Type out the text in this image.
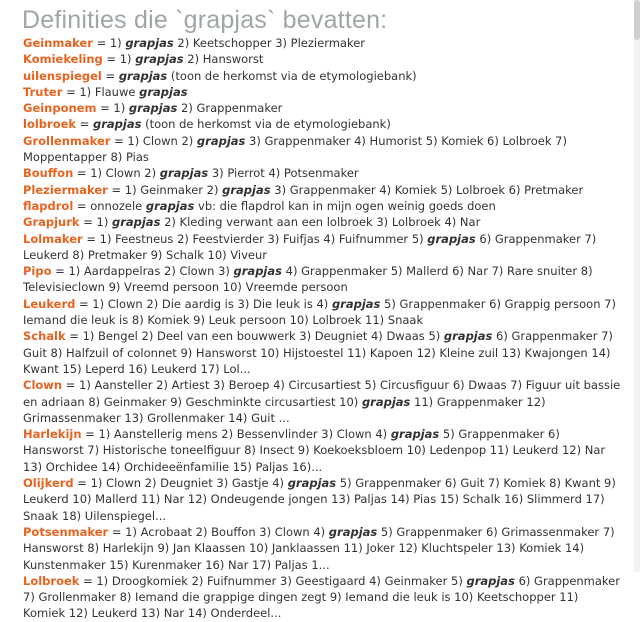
Definities die `grapjas` bevatten:

Geinmaker = 1) grapjas 2) Keetschopper 3) Pleziermaker

Komiekeling = 1) grapjas 2) Hansworst

uilenspiegel = grapjas (toon de herkomst via de etymologiebank)

Truter = 1) Flauwe grapjas

Geinponem = 1) grapjas 2) Grappenmaker

lolbroek = grapjas (toon de herkomst via de etymologiebank)

Grollenmaker = 1) Clown 2) grapjas 3) Grappenmaker 4) Humorist 5) Komiek 6) Lolbroek 7) Moppentapper 8) Pias

Bouffon = 1) Clown 2) grapjas 3) Pierrot 4) Potsenmaker

Pleziermaker = 1) Geinmaker 2) grapjas 3) Grappenmaker 4) Komiek 5) Lolbroek 6) Pretmaker

flapdrol = onnozele grapjas vb: die flapdrol kan in mijn ogen weinig goeds doen

Grapjurk = 1) grapjas 2) Kleding verwant aan een lolbroek 3) Lolbroek 4) Nar

Lolmaker = 1) Feestneus 2) Feestvierder 3) Fuifjas 4) Fuifnummer 5) grapjas 6) Grappenmaker 7) Leukerd 8) Pretmaker 9) Schalk 10) Viveur

Pipo = 1) Aardappelras 2) Clown 3) grapjas 4) Grappenmaker 5) Mallerd 6) Nar 7) Rare snuiter 8) Televisieclown 9) Vreemd persoon 10) Vreemde persoon

Leukerd = 1) Clown 2) Die aardig is 3) Die leuk is 4) grapjas 5) Grappenmaker 6) Grappig persoon 7) Iemand die leuk is 8) Komiek 9) Leuk persoon 10) Lolbroek 11) Snaak

Schalk = 1) Bengel 2) Deel van een bouwwerk 3) Deugniet 4) Dwaas 5) grapjas 6) Grappenmaker 7) Guit 8) Halfzuil of colonnet 9) Hansworst 10) Hijstoestel 11) Kapoen 12) Kleine zuil 13) Kwajongen 14) Kwant 15) Leperd 16) Leukerd 17) Lol...

Clown = 1) Aansteller 2) Artiest 3) Beroep 4) Circusartiest 5) Circusfiguur 6) Dwaas 7) Figuur uit bassie en adriaan 8) Geinmaker 9) Geschminkte circusartiest 10) grapjas 11) Grappenmaker 12) Grimassenmaker 13) Grollenmaker 14) Guit ...

Harlekijn = 1) Aanstellerig mens 2) Bessenvlinder 3) Clown 4) grapjas 5) Grappenmaker 6) Hansworst 7) Historische toneelfiguur 8) Insect 9) Koekoeksbloem 10) Ledenpop 11) Leukerd 12) Nar 13) Orchidee 14) Orchideeënfamilie 15) Paljas 16)...

Olijkerd = 1) Clown 2) Deugniet 3) Gastje 4) grapjas 5) Grappenmaker 6) Guit 7) Komiek 8) Kwant 9) Leukerd 10) Mallerd 11) Nar 12) Ondeugende jongen 13) Paljas 14) Pias 15) Schalk 16) Slimmerd 17) Snaak 18) Uilenspiegel...

Potsenmaker = 1) Acrobaat 2) Bouffon 3) Clown 4) grapjas 5) Grappenmaker 6) Grimassenmaker 7) Hansworst 8) Harlekijn 9) Jan Klaassen 10) Janklaassen 11) Joker 12) Kluchtspeler 13) Komiek 14) Kunstenmaker 15) Kurenmaker 16) Nar 17) Paljas 1...

Lolbroek = 1) Droogkomiek 2) Fuifnummer 3) Geestigaard 4) Geinmaker 5) grapjas 6) Grappenmaker 7) Grollenmaker 8) Iemand die grappige dingen zegt 9) Iemand die leuk is 10) Keetschopper 11) Komiek 12) Leukerd 13) Nar 14) Onderdeel...
